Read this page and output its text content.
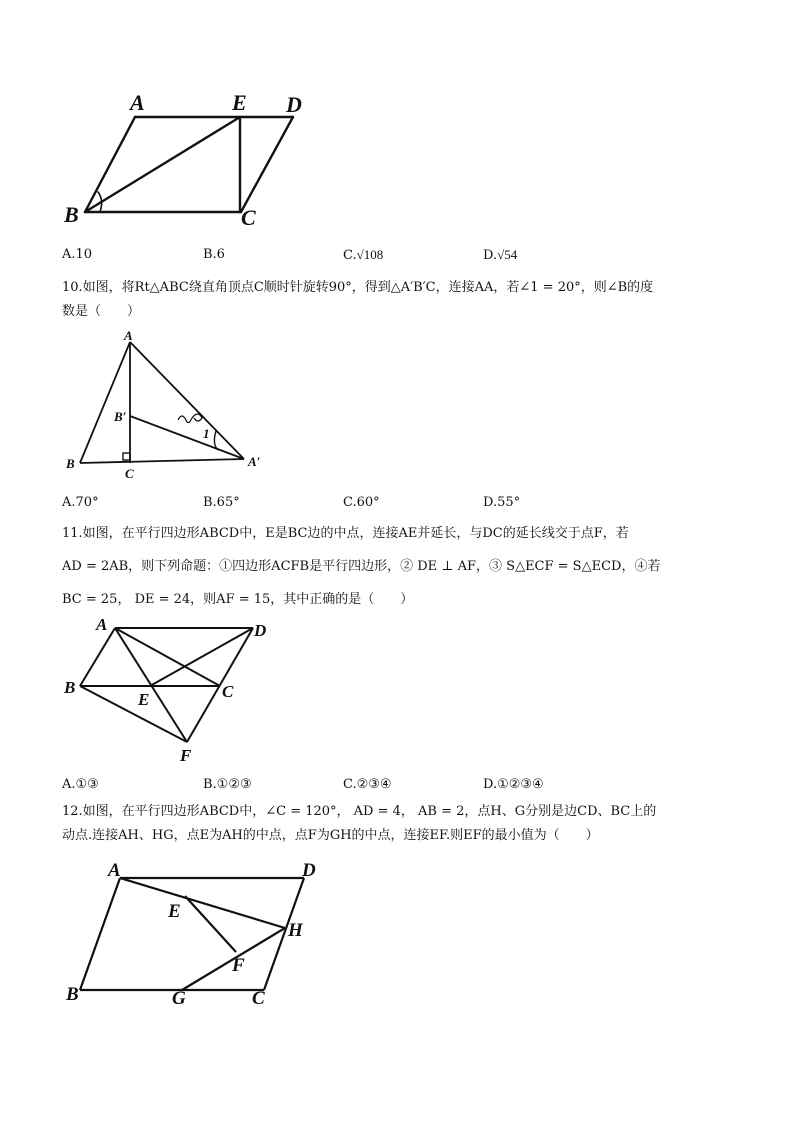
A	E D
B	C
A.10	B.6	C.√108	D.√54
10.如图，将Rt△ABC绕直角顶点C顺时针旋转90°，得到△A′B′C，连接AA，若∠1 = 20°，则∠B的度
数是（　　）
A
B′
1
B
C
A′
A.70°	B.65°	C.60°	D.55°
11.如图，在平行四边形ABCD中，E是BC边的中点，连接AE并延长，与DC的延长线交于点F，若
AD = 2AB，则下列命题：①四边形ACFB是平行四边形，② DE ⊥ AF，③ S△ECF = S△ECD，④若
BC = 25， DE = 24，则AF = 15，其中正确的是（　　）
A	D
B
E	C
F
A.①③	B.①②③	C.②③④	D.①②③④
12.如图，在平行四边形ABCD中，∠C = 120°， AD = 4， AB = 2，点H、G分别是边CD、BC上的
动点.连接AH、HG，点E为AH的中点，点F为GH的中点，连接EF.则EF的最小值为（　　）
A	D
E
H
F
B	G	C
